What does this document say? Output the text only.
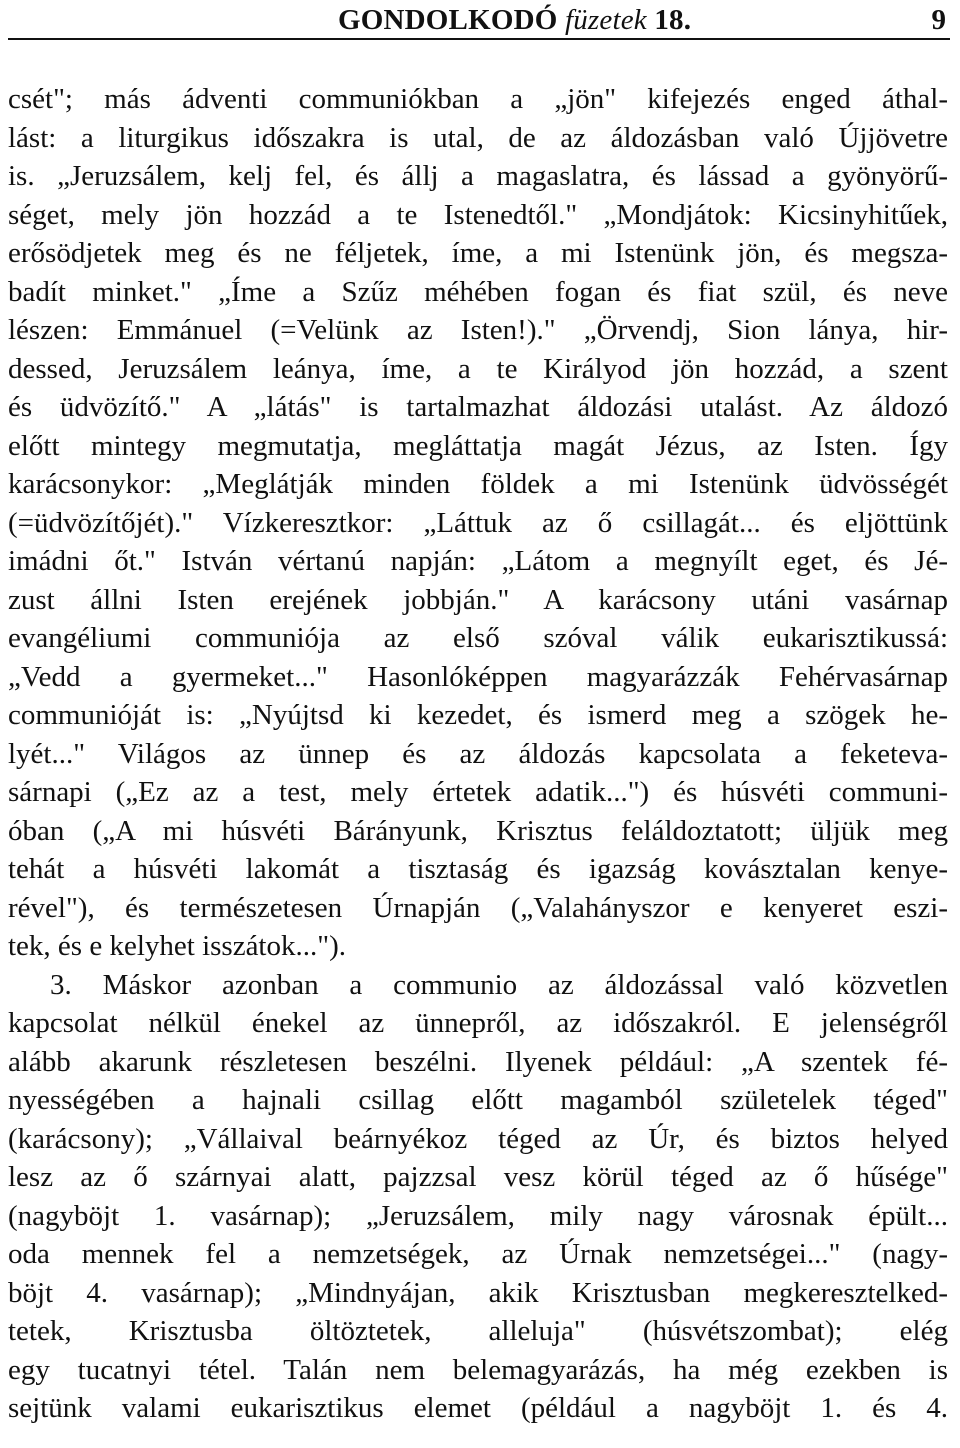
GONDOLKODÓ füzetek 18.	9
csét"; más ádventi communiókban a „jön" kifejezés enged áthal-
lást: a liturgikus időszakra is utal, de az áldozásban való Újjövetre
is. „Jeruzsálem, kelj fel, és állj a magaslatra, és lássad a gyönyörű-
séget, mely jön hozzád a te Istenedtől." „Mondjátok: Kicsinyhitűek,
erősödjetek meg és ne féljetek, íme, a mi Istenünk jön, és megsza-
badít minket." „Íme a Szűz méhében fogan és fiat szül, és neve
lészen: Emmánuel (=Velünk az Isten!)." „Örvendj, Sion lánya, hir-
dessed, Jeruzsálem leánya, íme, a te Királyod jön hozzád, a szent
és üdvözítő." A „látás" is tartalmazhat áldozási utalást. Az áldozó
előtt mintegy megmutatja, megláttatja magát Jézus, az Isten. Így
karácsonykor: „Meglátják minden földek a mi Istenünk üdvösségét
(=üdvözítőjét)." Vízkeresztkor: „Láttuk az ő csillagát... és eljöttünk
imádni őt." István vértanú napján: „Látom a megnyílt eget, és Jé-
zust állni Isten erejének jobbján." A karácsony utáni vasárnap
evangéliumi communiója az első szóval válik eukarisztikussá:
„Vedd a gyermeket..." Hasonlóképpen magyarázzák Fehérvasárnap
communióját is: „Nyújtsd ki kezedet, és ismerd meg a szögek he-
lyét..." Világos az ünnep és az áldozás kapcsolata a feketeva-
sárnapi („Ez az a test, mely értetek adatik...") és húsvéti communi-
óban („A mi húsvéti Bárányunk, Krisztus feláldoztatott; üljük meg
tehát a húsvéti lakomát a tisztaság és igazság kovásztalan kenye-
rével"), és természetesen Úrnapján („Valahányszor e kenyeret eszi-
tek, és e kelyhet isszátok...").
3. Máskor azonban a communio az áldozással való közvetlen
kapcsolat nélkül énekel az ünnepről, az időszakról. E jelenségről
alább akarunk részletesen beszélni. Ilyenek például: „A szentek fé-
nyességében a hajnali csillag előtt magamból születelek téged"
(karácsony); „Vállaival beárnyékoz téged az Úr, és biztos helyed
lesz az ő szárnyai alatt, pajzzsal vesz körül téged az ő hűsége"
(nagyböjt 1. vasárnap); „Jeruzsálem, mily nagy városnak épült...
oda mennek fel a nemzetségek, az Úrnak nemzetségei..." (nagy-
böjt 4. vasárnap); „Mindnyájan, akik Krisztusban megkeresztelked-
tetek, Krisztusba öltöztetek, alleluja" (húsvétszombat); elég
egy tucatnyi tétel. Talán nem belemagyarázás, ha még ezekben is
sejtünk valami eukarisztikus elemet (például a nagyböjt 1. és 4.
